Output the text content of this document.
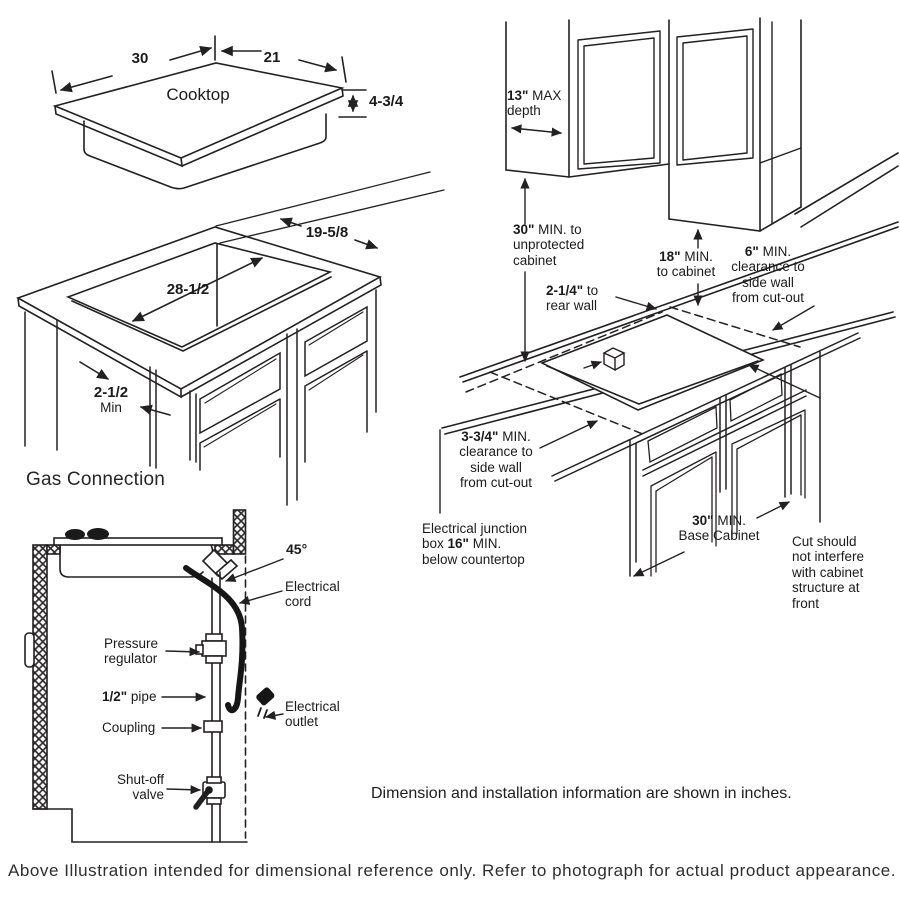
30	21
Cooktop	4-3/4
19-5/8
28-1/2
2-1/2
Min
Gas Connection
45°
Electrical
cord
Pressure
regulator
1/2" pipe
Coupling
Electrical
outlet
Shut-off
valve
13" MAX
depth
30" MIN. to
unprotected
cabinet	18" MIN.
to cabinet
6" MIN.
clearance to
side wall
from cut-out
2-1/4" to
rear wall
3-3/4" MIN.
clearance to
side wall
from cut-out
Electrical junction
box 16" MIN.
below countertop
30" MIN.
Base Cabinet	Cut should
not interfere
with cabinet
structure at
front
Dimension and installation information are shown in inches.
Above Illustration intended for dimensional reference only. Refer to photograph for actual product appearance.
